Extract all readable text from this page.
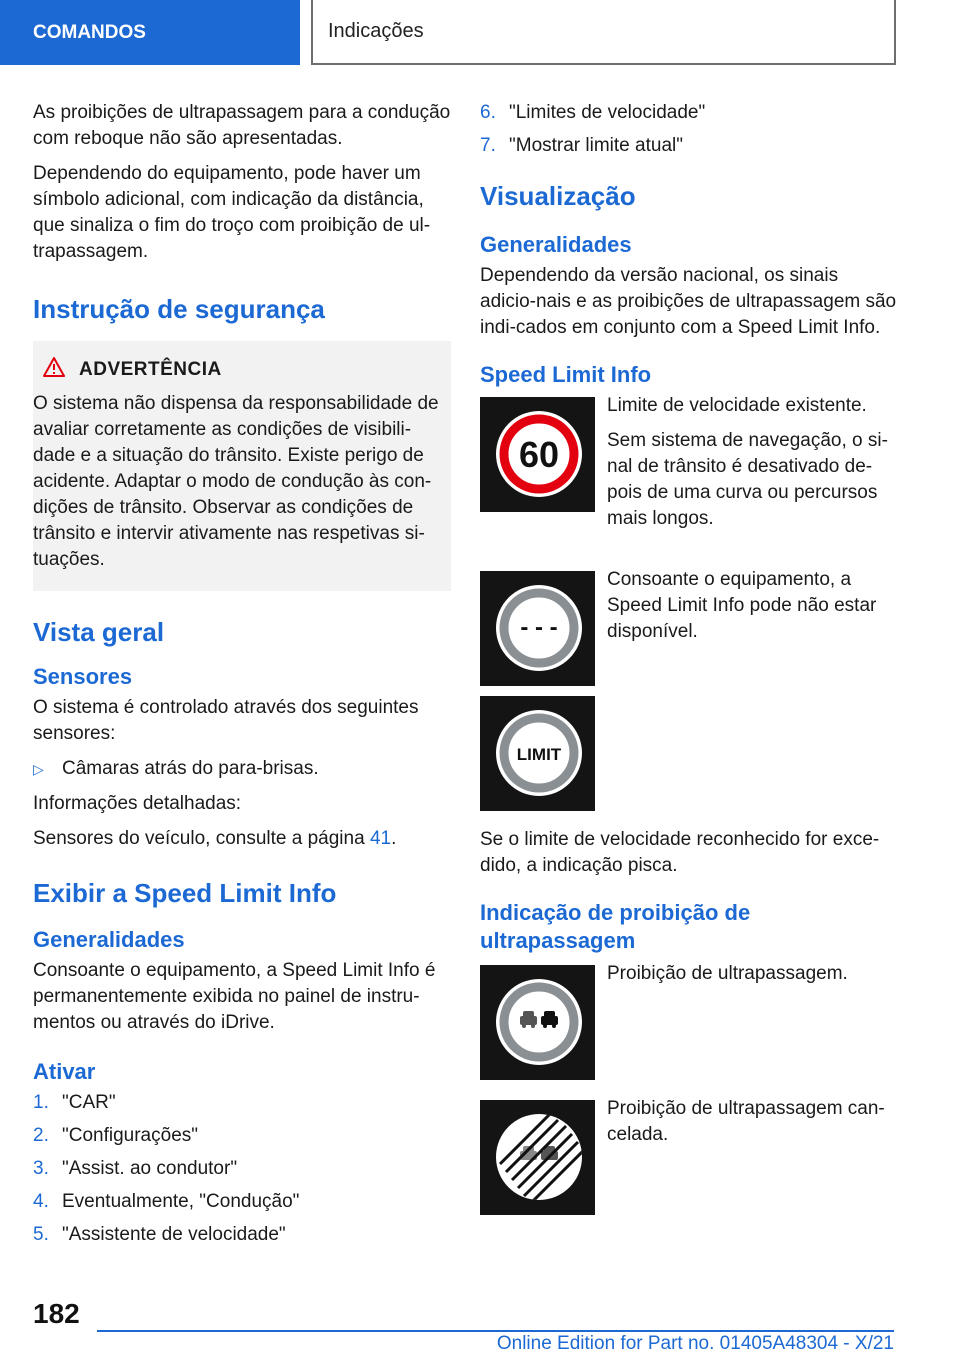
COMANDOS	Indicações

As proibições de ultrapassagem para a condução com reboque não são apresentadas.

Dependendo do equipamento, pode haver um símbolo adicional, com indicação da distância, que sinaliza o fim do troço com proibição de ul-trapassagem.

Instrução de segurança
ADVERTÊNCIA

O sistema não dispensa da responsabilidade de avaliar corretamente as condições de visibili-dade e a situação do trânsito. Existe perigo de acidente. Adaptar o modo de condução às con-dições de trânsito. Observar as condições de trânsito e intervir ativamente nas respetivas si-tuações.

Vista geral
Sensores

O sistema é controlado através dos seguintes sensores:

▷ Câmaras atrás do para-brisas.

Informações detalhadas:

Sensores do veículo, consulte a página 41.

Exibir a Speed Limit Info
Generalidades

Consoante o equipamento, a Speed Limit Info é permanentemente exibida no painel de instru-mentos ou através do iDrive.

Ativar
1. "CAR"
2. "Configurações"
3. "Assist. ao condutor"
4. Eventualmente, "Condução"
5. "Assistente de velocidade"
6. "Limites de velocidade"
7. "Mostrar limite atual"
Visualização
Generalidades

Dependendo da versão nacional, os sinais adicio-nais e as proibições de ultrapassagem são indi-cados em conjunto com a Speed Limit Info.

Speed Limit Info
60

Limite de velocidade existente.

Sem sistema de navegação, o si-nal de trânsito é desativado de-pois de uma curva ou percursos mais longos.

- - -

Consoante o equipamento, a Speed Limit Info pode não estar disponível.

LIMIT

Se o limite de velocidade reconhecido for exce-dido, a indicação pisca.

Indicação de proibição de ultrapassagem

Proibição de ultrapassagem.

Proibição de ultrapassagem can-celada.

182
Online Edition for Part no. 01405A48304 - X/21
